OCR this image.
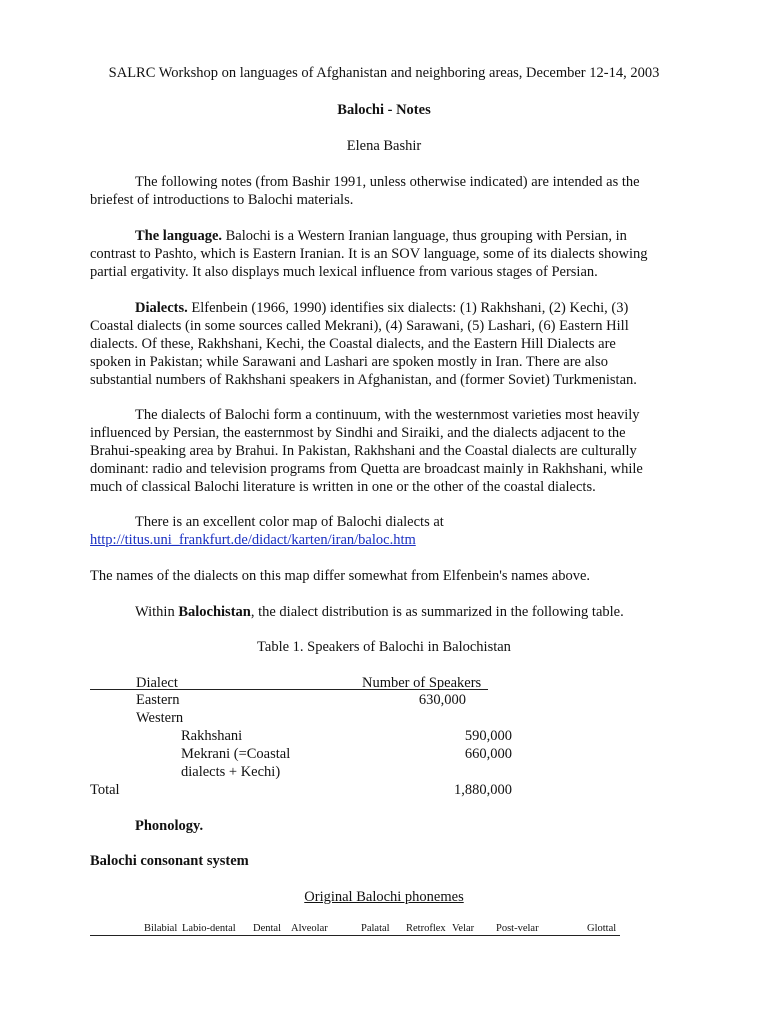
SALRC Workshop on languages of Afghanistan and neighboring areas, December 12-14, 2003
Balochi - Notes
Elena Bashir
The following notes (from Bashir 1991, unless otherwise indicated) are intended as the
briefest of introductions to Balochi materials.
The language. Balochi is a Western Iranian language, thus grouping with Persian, in
contrast to Pashto, which is Eastern Iranian. It is an SOV language, some of its dialects showing
partial ergativity. It also displays much lexical influence from various stages of Persian.
Dialects. Elfenbein (1966, 1990) identifies six dialects: (1) Rakhshani, (2) Kechi, (3)
Coastal dialects (in some sources called Mekrani), (4) Sarawani, (5) Lashari, (6) Eastern Hill
dialects. Of these, Rakhshani, Kechi, the Coastal dialects, and the Eastern Hill Dialects are
spoken in Pakistan; while Sarawani and Lashari are spoken mostly in Iran. There are also
substantial numbers of Rakhshani speakers in Afghanistan, and (former Soviet) Turkmenistan.
The dialects of Balochi form a continuum, with the westernmost varieties most heavily
influenced by Persian, the easternmost by Sindhi and Siraiki, and the dialects adjacent to the
Brahui-speaking area by Brahui. In Pakistan, Rakhshani and the Coastal dialects are culturally
dominant: radio and television programs from Quetta are broadcast mainly in Rakhshani, while
much of classical Balochi literature is written in one or the other of the coastal dialects.
There is an excellent color map of Balochi dialects at
http://titus.uni_frankfurt.de/didact/karten/iran/baloc.htm
The names of the dialects on this map differ somewhat from Elfenbein's names above.
Within Balochistan, the dialect distribution is as summarized in the following table.
Table 1. Speakers of Balochi in Balochistan
Dialect	Number of Speakers
Eastern	630,000
Western
Rakhshani	590,000
Mekrani (=Coastal	660,000
dialects + Kechi)
Total	1,880,000
Phonology.
Balochi consonant system
Original Balochi phonemes
Bilabial Labio-dental Dental Alveolar	Palatal Retroflex Velar Post-velar	Glottal
